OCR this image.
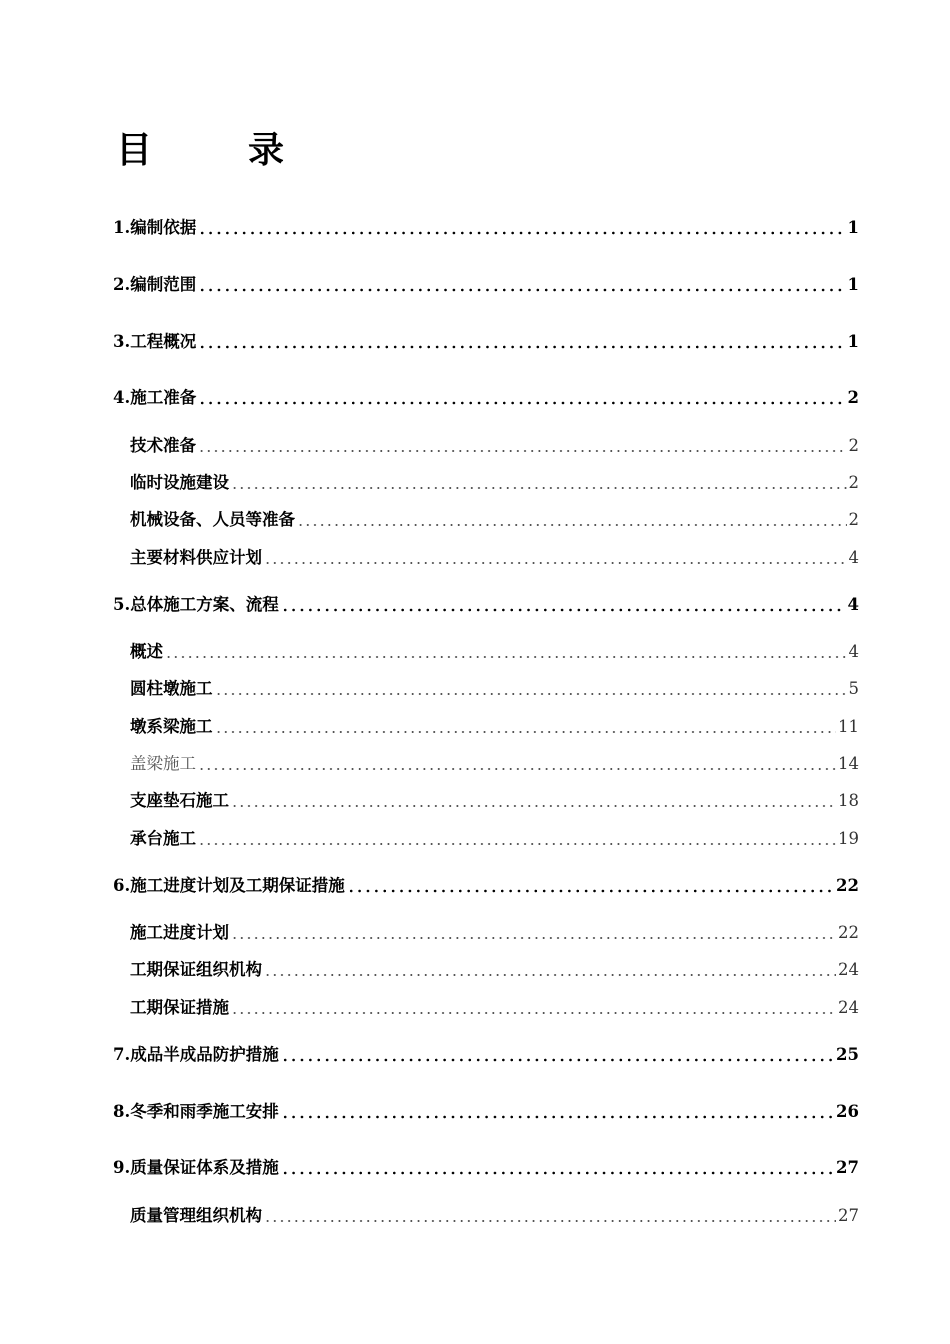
目　录
1.编制依据	1
2.编制范围	1
3.工程概况	1
4.施工准备	2
技术准备	2
临时设施建设	2
机械设备、人员等准备	2
主要材料供应计划	4
5.总体施工方案、流程	4
概述	4
圆柱墩施工	5
墩系梁施工	11
盖梁施工	14
支座垫石施工	18
承台施工	19
6.施工进度计划及工期保证措施	22
施工进度计划	22
工期保证组织机构	24
工期保证措施	24
7.成品半成品防护措施	25
8.冬季和雨季施工安排	26
9.质量保证体系及措施	27
质量管理组织机构	27
